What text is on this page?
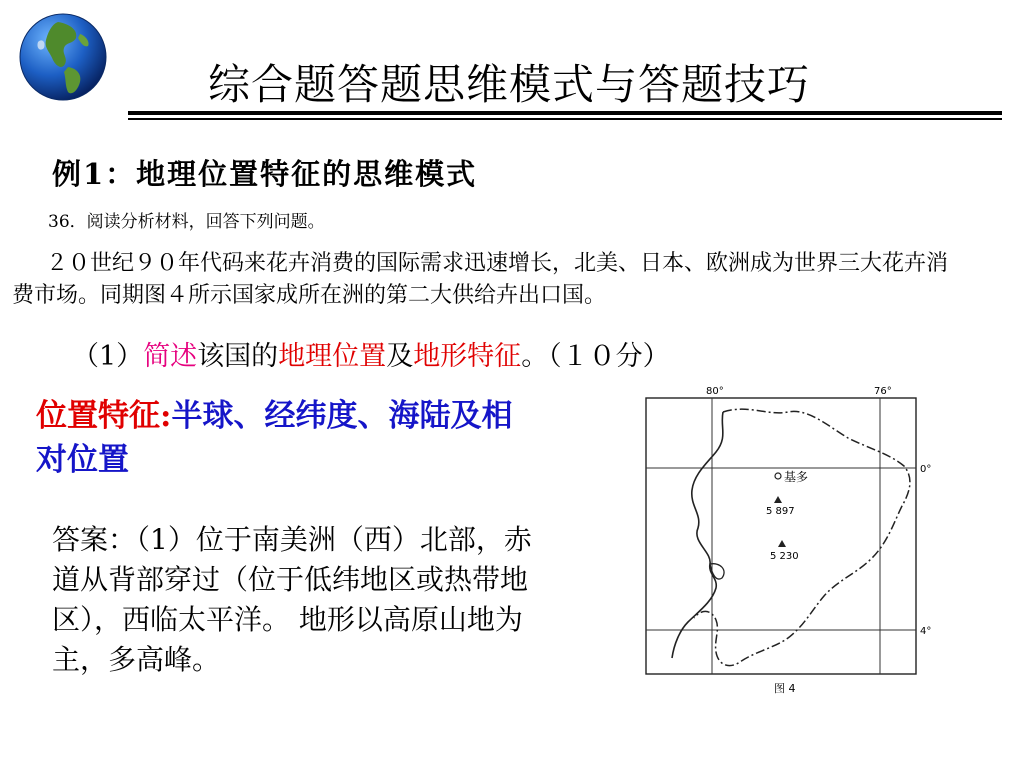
综合题答题思维模式与答题技巧
例1：地理位置特征的思维模式
36．阅读分析材料，回答下列问题。

２０世纪９０年代码来花卉消费的国际需求迅速增长，北美、日本、欧洲成为世界三大花卉消费市场。同期图４所示国家成所在洲的第二大供给卉出口国。

（1）简述该国的地理位置及地形特征。（１０分）
位置特征:半球、经纬度、海陆及相对位置
答案：（1）位于南美洲（西）北部，赤道从背部穿过（位于低纬地区或热带地区），西临太平洋。 地形以高原山地为主，多高峰。
80°	76°
0°
4°
基多
5 897
5 230
图 4
